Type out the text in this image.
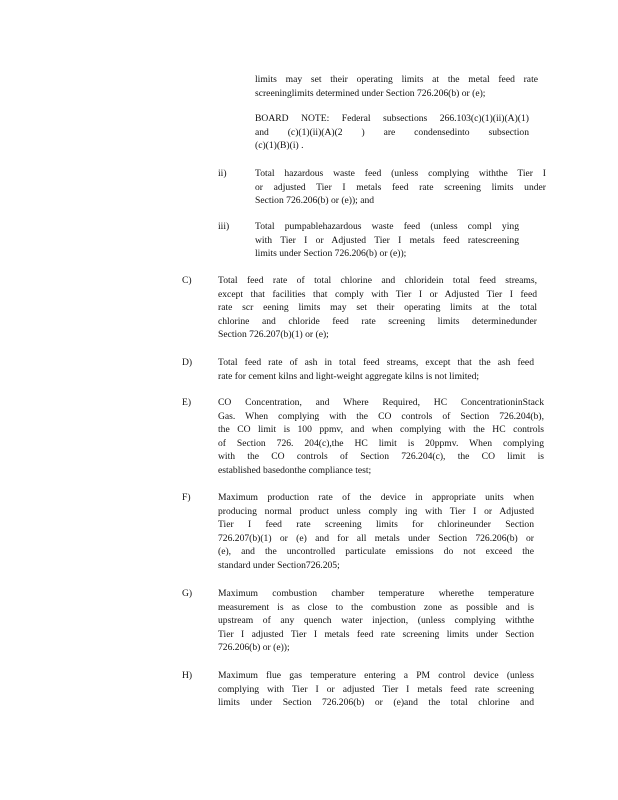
limits may set their operating limits at the metal feed rate
screeninglimits determined under Section 726.206(b) or (e);
BOARD NOTE: Federal subsections 266.103(c)(1)(ii)(A)(1)
and (c)(1)(ii)(A)(2 ) are condensedinto subsection
(c)(1)(B)(i) .
ii)	Total hazardous waste feed (unless complying withthe Tier I
or adjusted Tier I metals feed rate screening limits under
Section 726.206(b) or (e)); and
iii)	Total pumpablehazardous waste feed (unless compl ying
with Tier I or Adjusted Tier I metals feed ratescreening
limits under Section 726.206(b) or (e));
C)	Total feed rate of total chlorine and chloridein total feed streams,
except that facilities that comply with Tier I or Adjusted Tier I feed
rate scr eening limits may set their operating limits at the total
chlorine and chloride feed rate screening limits determinedunder
Section 726.207(b)(1) or (e);
D)	Total feed rate of ash in total feed streams, except that the ash feed
rate for cement kilns and light-weight aggregate kilns is not limited;
E)	CO Concentration, and Where Required, HC ConcentrationinStack
Gas. When complying with the CO controls of Section 726.204(b),
the CO limit is 100 ppmv, and when complying with the HC controls
of Section 726. 204(c),the HC limit is 20ppmv. When complying
with the CO controls of Section 726.204(c), the CO limit is
established basedonthe compliance test;
F)	Maximum production rate of the device in appropriate units when
producing normal product unless comply ing with Tier I or Adjusted
Tier I feed rate screening limits for chlorineunder Section
726.207(b)(1) or (e) and for all metals under Section 726.206(b) or
(e), and the uncontrolled particulate emissions do not exceed the
standard under Section726.205;
G)	Maximum combustion chamber temperature wherethe temperature
measurement is as close to the combustion zone as possible and is
upstream of any quench water injection, (unless complying withthe
Tier I adjusted Tier I metals feed rate screening limits under Section
726.206(b) or (e));
H)	Maximum flue gas temperature entering a PM control device (unless
complying with Tier I or adjusted Tier I metals feed rate screening
limits under Section 726.206(b) or (e)and the total chlorine and
